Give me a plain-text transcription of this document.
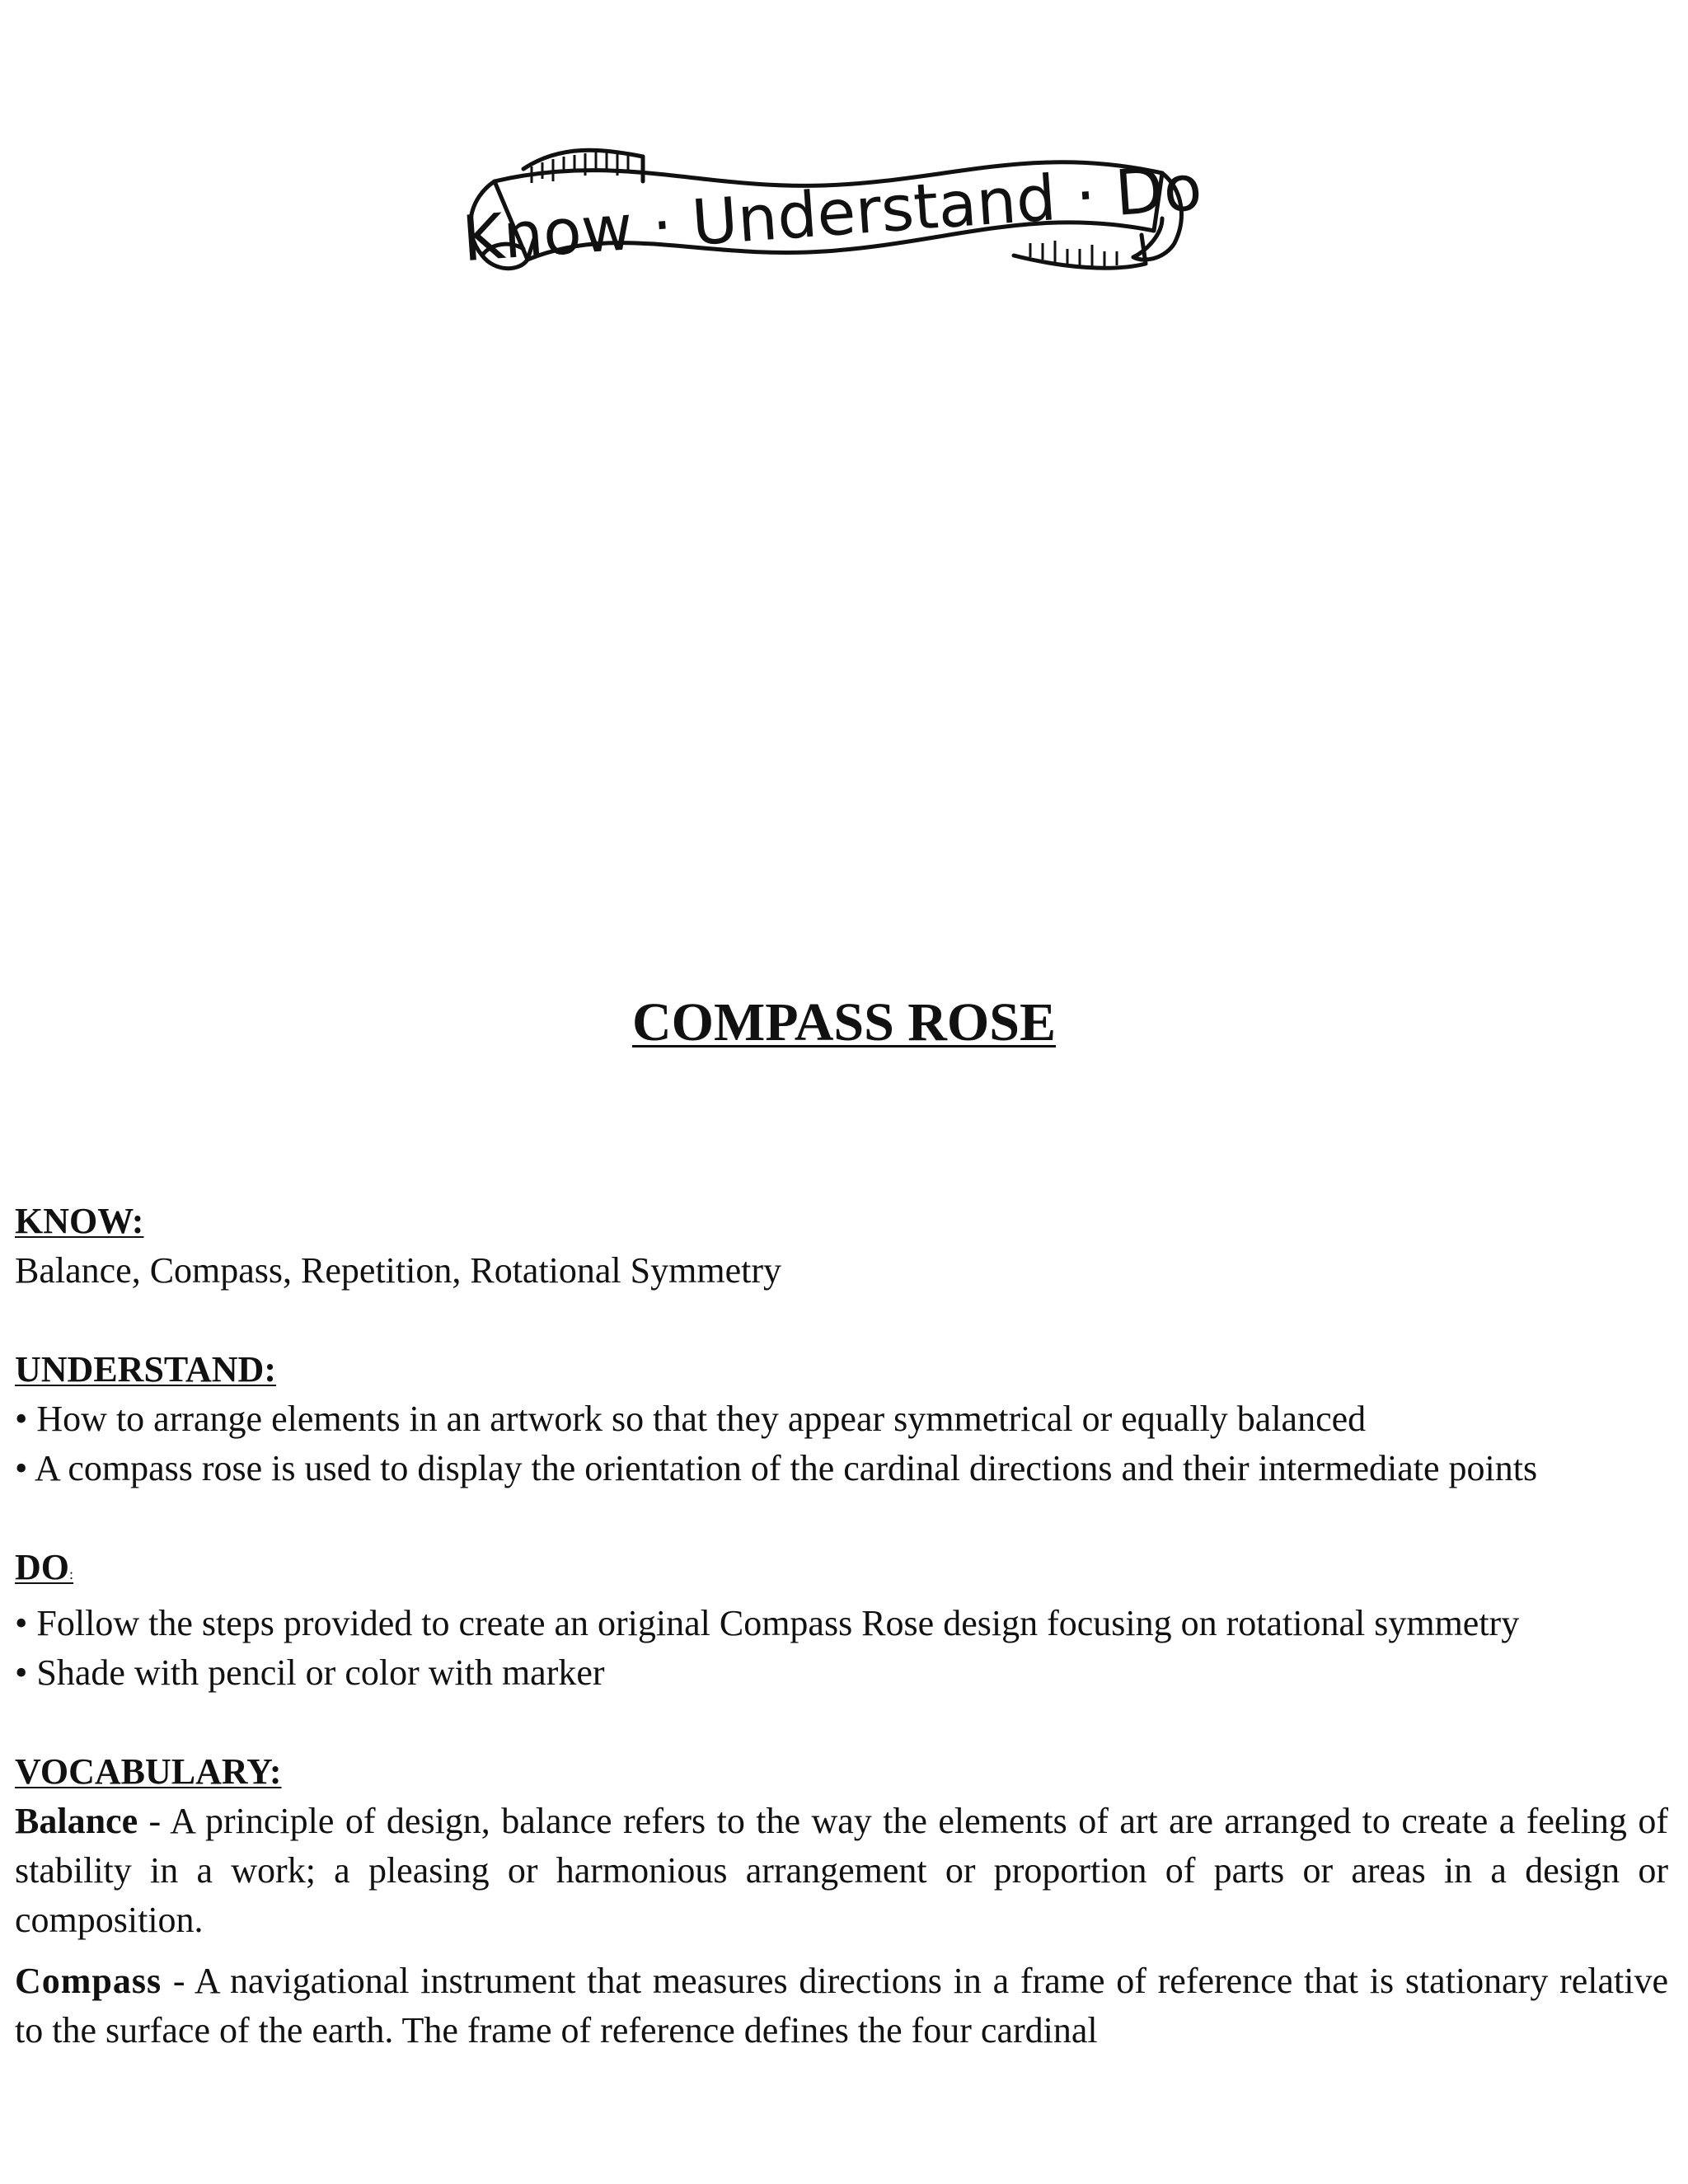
Know · Understand · Do
COMPASS ROSE

KNOW:

Balance, Compass, Repetition, Rotational Symmetry

UNDERSTAND:

• How to arrange elements in an artwork so that they appear symmetrical or equally balanced

• A compass rose is used to display the orientation of the cardinal directions and their intermediate points

DO:

• Follow the steps provided to create an original Compass Rose design focusing on rotational symmetry

• Shade with pencil or color with marker

VOCABULARY:

Balance - A principle of design, balance refers to the way the elements of art are arranged to create a feeling of stability in a work; a pleasing or harmonious arrangement or proportion of parts or areas in a design or composition.

Compass - A navigational instrument that measures directions in a frame of reference that is stationary relative to the surface of the earth. The frame of reference defines the four cardinal
